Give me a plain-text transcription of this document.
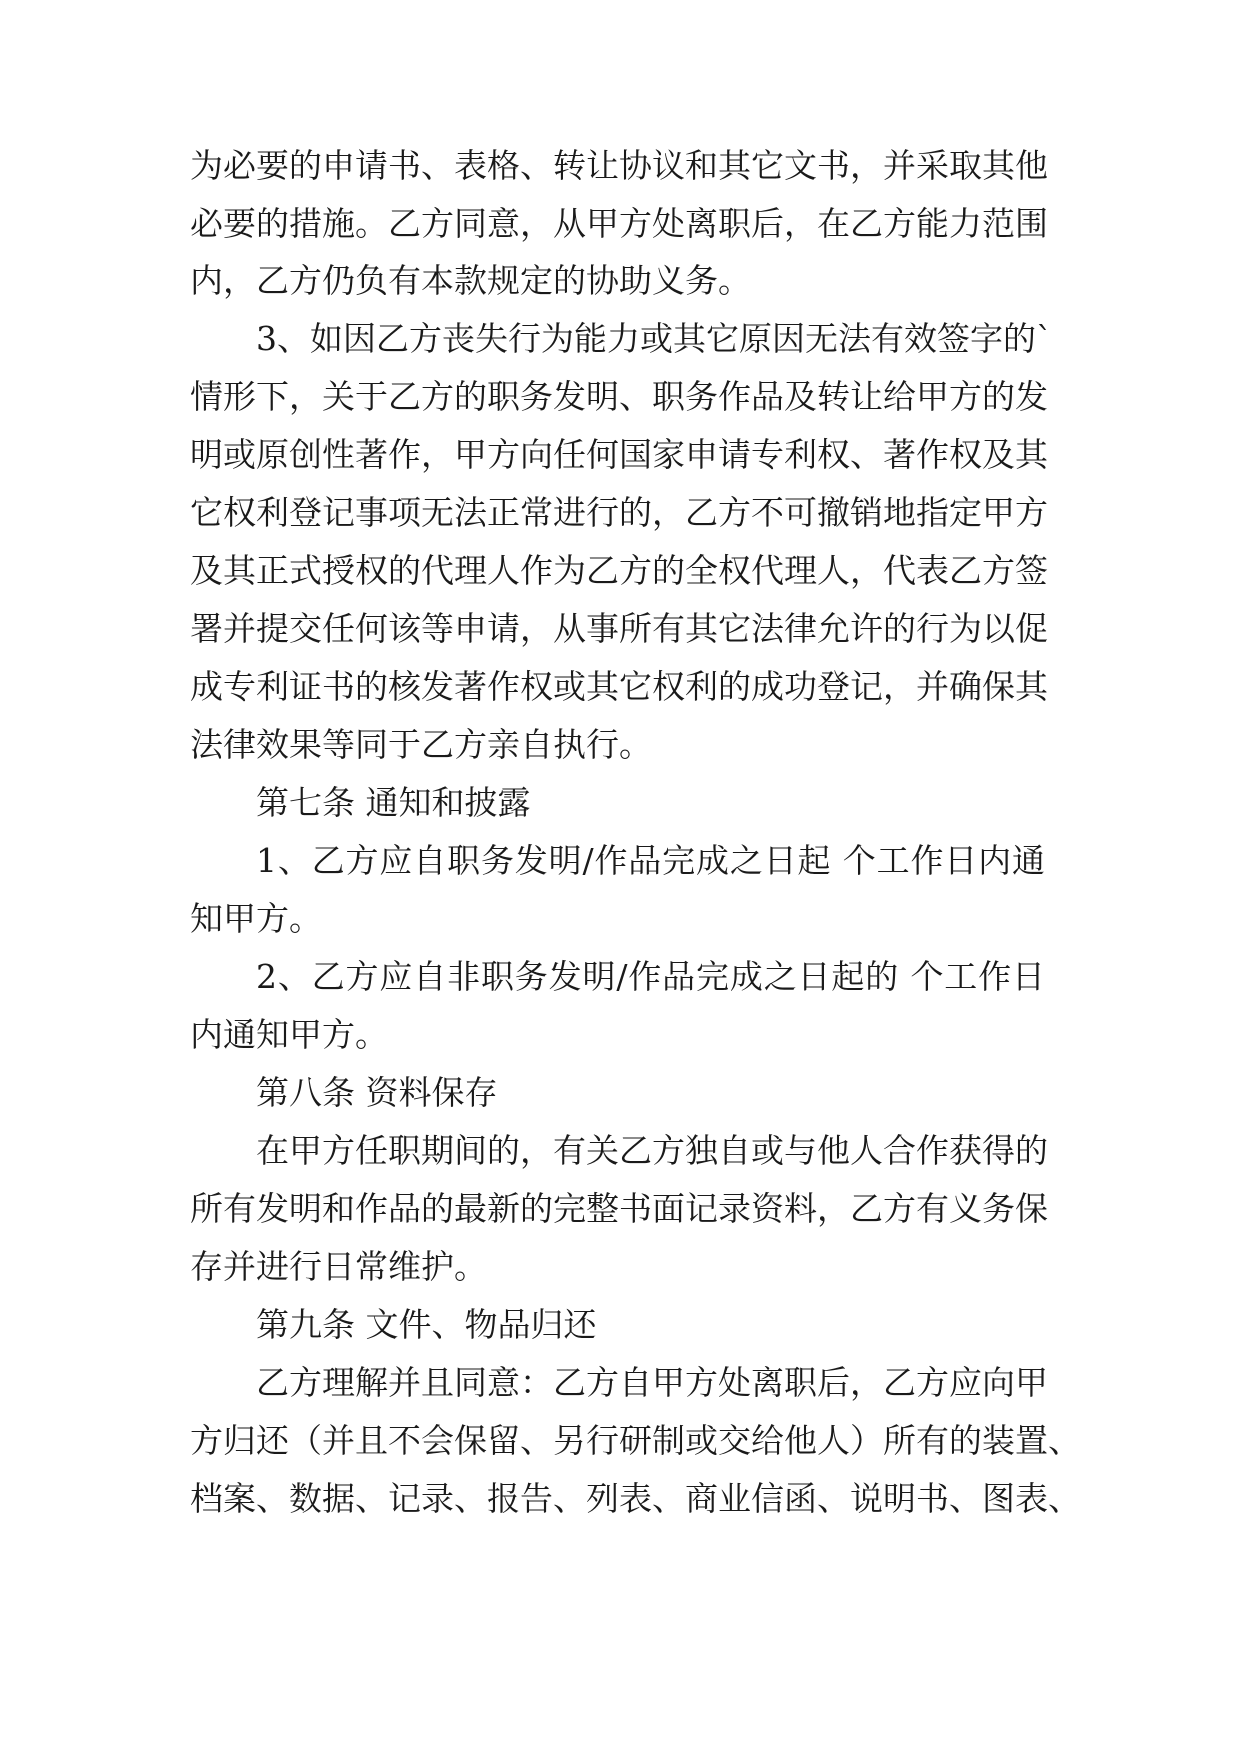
为必要的申请书、表格、转让协议和其它文书，并采取其他
必要的措施。乙方同意，从甲方处离职后，在乙方能力范围
内，乙方仍负有本款规定的协助义务。
3、如因乙方丧失行为能力或其它原因无法有效签字的`
情形下，关于乙方的职务发明、职务作品及转让给甲方的发
明或原创性著作，甲方向任何国家申请专利权、著作权及其
它权利登记事项无法正常进行的，乙方不可撤销地指定甲方
及其正式授权的代理人作为乙方的全权代理人，代表乙方签
署并提交任何该等申请，从事所有其它法律允许的行为以促
成专利证书的核发著作权或其它权利的成功登记，并确保其
法律效果等同于乙方亲自执行。
第七条 通知和披露
1、乙方应自职务发明/作品完成之日起 个工作日内通
知甲方。
2、乙方应自非职务发明/作品完成之日起的 个工作日
内通知甲方。
第八条 资料保存
在甲方任职期间的，有关乙方独自或与他人合作获得的
所有发明和作品的最新的完整书面记录资料，乙方有义务保
存并进行日常维护。
第九条 文件、物品归还
乙方理解并且同意：乙方自甲方处离职后，乙方应向甲
方归还（并且不会保留、另行研制或交给他人）所有的装置、
档案、数据、记录、报告、列表、商业信函、说明书、图表、
